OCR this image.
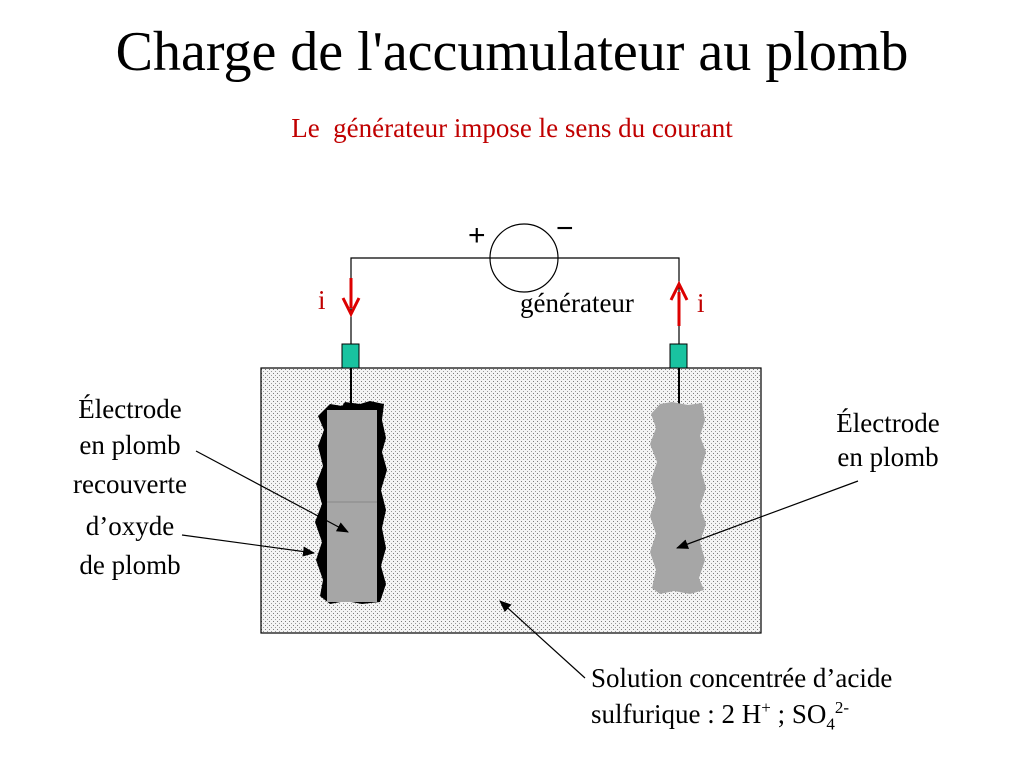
Charge de l'accumulateur au plomb
Le  générateur impose le sens du courant
+ −
générateur
i	i
Électrode
en plomb
recouverte
d’oxyde
de plomb
Électrode
en plomb
Solution concentrée d’acide
sulfurique : 2 H+ ; $SO_4^{2-}$
